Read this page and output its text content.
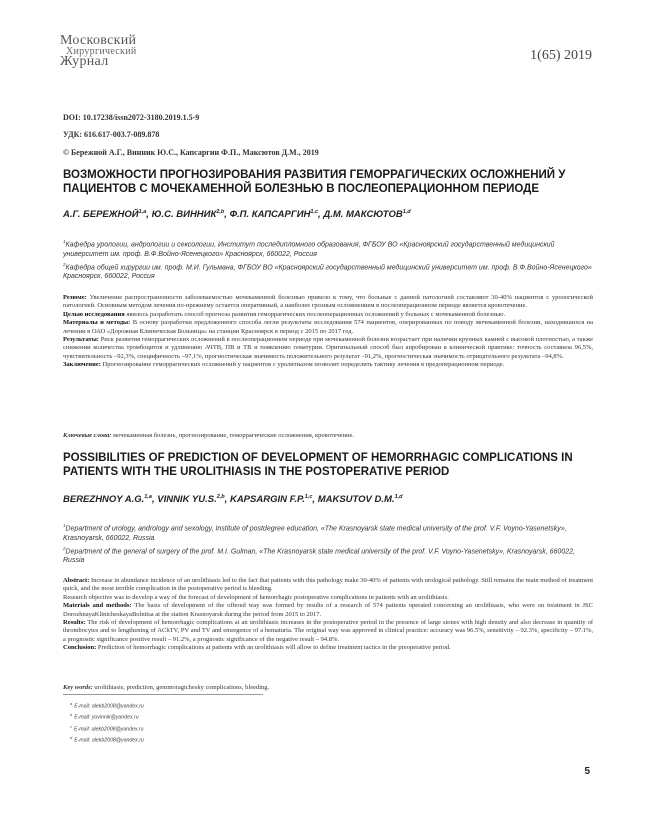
Московский
Хирургический
Журнал	1(65) 2019
DOI: 10.17238/issn2072-3180.2019.1.5-9
УДК: 616.617-003.7-089.878
© Бережной А.Г., Винник Ю.С., Капсаргин Ф.П., Максютов Д.М., 2019
ВОЗМОЖНОСТИ ПРОГНОЗИРОВАНИЯ РАЗВИТИЯ ГЕМОРРАГИЧЕСКИХ ОСЛОЖНЕНИЙ У ПАЦИЕНТОВ С МОЧЕКАМЕННОЙ БОЛЕЗНЬЮ В ПОСЛЕОПЕРАЦИОННОМ ПЕРИОДЕ
А.Г. $БЕРЕЖНОЙ^{1,а}$, Ю.С. ВИННИК$^{2,b}$, Ф.П. КАПСАРГИН$^{1,c}$, Д.М. МАКСЮТОВ$^{1,d}$

$^1$Кафедра урологии, андрологии и сексологии, Институт последипломного образования, ФГБОУ ВО «Красноярский государственный медицинский университет им. проф. В.Ф.Войно-Ясенецкого» Красноярск, 660022, Россия

$^2$Кафедра общей хирургии им. проф. М.И. Гульмана, ФГБОУ ВО «Красноярский государственный медицинский университет им. проф. В.Ф.Войно-Ясенецкого» Красноярск, 660022, Россия

Резюме: Увеличение распространенности заболеваемостью мочекаменной болезнью привело к тому, что больные с данной патологией составляют 30-40% пациентов с урологической патологией. Основным методом лечения по-прежнему остается оперативный, а наиболее грозным осложнением в послеоперационном периоде является кровотечение.

Целью исследования явилось разработать способ прогноза развития геморрагических послеоперационных осложнений у больных с мочекаменной болезнью.

Материалы и методы: В основу разработки предложенного способа легли результаты исследования 574 пациентов, оперированных по поводу мочекаменной болезни, находившихся на лечении в ОАО «Дорожная Клиническая Больница» на станции Красноярск в период с 2015 по 2017 год.

Результаты: Риск развития геморрагических осложнений в послеоперационном периоде при мочекаменной болезни возрастает при наличии крупных камней с высокой плотностью, а также снижении количества тромбоцитов и удлинению АЧТВ, ПВ и ТВ и появлению гематурии. Оригинальный способ был апробирован в клинической практике: точность составила 96,5%, чувствительность –92,3%, специфичность –97,1%, прогностическая значимость положительного результат –91,2%, прогностическая значимость отрицательного результата –94,8%.

Заключение: Прогнозирование геморрагических осложнений у пациентов с уролитиазом позволит определить тактику лечения в предоперационном периоде.

Ключевые слова: мочекаменная болезнь, прогнозирование, геморрагические осложнения, кровотечение.
POSSIBILITIES OF PREDICTION OF DEVELOPMENT OF HEMORRHAGIC COMPLICATIONS IN PATIENTS WITH THE UROLITHIASIS IN THE POSTOPERATIVE PERIOD
BEREZHNOY A.G.$^{1,a}$, VINNIK YU.S.$^{2,b}$, KAPSARGIN F.P.$^{1,c}$, MAKSUTOV D.M.$^{1,d}$

$^1$Department of urology, andrology and sexology, Institute of postdegree education, «The Krasnoyarsk state medical university of the prof. V.F. Voyno-Yasenetsky», Krasnoyarsk, 660022, Russia

$^2$Department of the general of surgery of the prof. M.I. Gulman, «The Krasnoyarsk state medical university of the prof. V.F. Voyno-Yasenetsky», Krasnoyarsk, 660022, Russia

Abstract: Increase in abundance incidence of an urolithiasis led to the fact that patients with this pathology make 30-40% of patients with urological pathology. Still remains the main method of treatment quick, and the most terrible complication in the postoperative period is bleeding.

Research objective was to develop a way of the forecast of development of hemorrhagic postoperative complications in patients with an urolithiasis.

Materials and methods: The basis of development of the offered way was formed by results of a research of 574 patients operated concerning an urolithiasis, who were on treatment in JSC DorozhnayaKlinicheskayaBolnitsa at the station Krasnoyarsk during the period from 2015 to 2017.

Results: The risk of development of hemorrhagic complications at an urolithiasis increases in the postoperative period in the presence of large stones with high density and also decrease in quantity of thrombocytes and to lengthening of AChTV, PV and TV and emergence of a hematuria. The original way was approved in clinical practice: accuracy was 96.5%, sensitivity – 92.3%, specificity – 97.1%, a prognostic significance positive result – 91.2%, a prognostic significance of the negative result – 94.8%.

Conclusion: Prediction of hemorrhagic complications at patients with an urolithiasis will allow to define treatment tactics in the preoperative period.

Key words: urolithiasis, prediction, gemmoragichesky complications, bleeding.
$^a$E-mail: alekb2008@yandex.ru
$^b$E-mail: yuvinnik@yandex.ru
$^c$E-mail: alekb2008@yandex.ru
$^d$E-mail: alekb2008@yandex.ru
5
